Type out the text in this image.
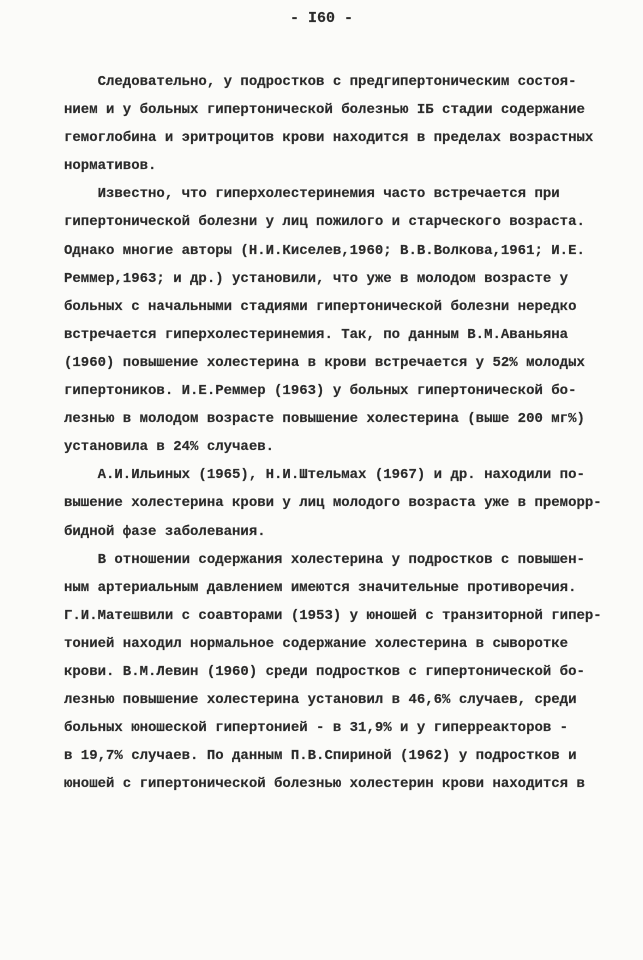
- I60 -
Следовательно, у подростков с предгипертоническим состоя-
нием и у больных гипертонической болезнью IБ стадии содержание
гемоглобина и эритроцитов крови находится в пределах возрастных
нормативов.
Известно, что гиперхолестеринемия часто встречается при
гипертонической болезни у лиц пожилого и старческого возраста.
Однако многие авторы (Н.И.Киселев,1960; В.В.Волкова,1961; И.Е.
Реммер,1963; и др.) установили, что уже в молодом возрасте у
больных с начальными стадиями гипертонической болезни нередко
встречается гиперхолестеринемия. Так, по данным В.М.Аваньяна
(1960) повышение холестерина в крови встречается у 52% молодых
гипертоников. И.Е.Реммер (1963) у больных гипертонической бо-
лезнью в молодом возрасте повышение холестерина (выше 200 мг%)
установила в 24% случаев.
А.И.Ильиных (1965), Н.И.Штельмах (1967) и др. находили по-
вышение холестерина крови у лиц молодого возраста уже в преморр-
бидной фазе заболевания.
В отношении содержания холестерина у подростков с повышен-
ным артериальным давлением имеются значительные противоречия.
Г.И.Матешвили с соавторами (1953) у юношей с транзиторной гипер-
тонией находил нормальное содержание холестерина в сыворотке
крови. В.М.Левин (1960) среди подростков с гипертонической бо-
лезнью повышение холестерина установил в 46,6% случаев, среди
больных юношеской гипертонией - в 31,9% и у гиперреакторов -
в 19,7% случаев. По данным П.В.Спириной (1962) у подростков и
юношей с гипертонической болезнью холестерин крови находится в
